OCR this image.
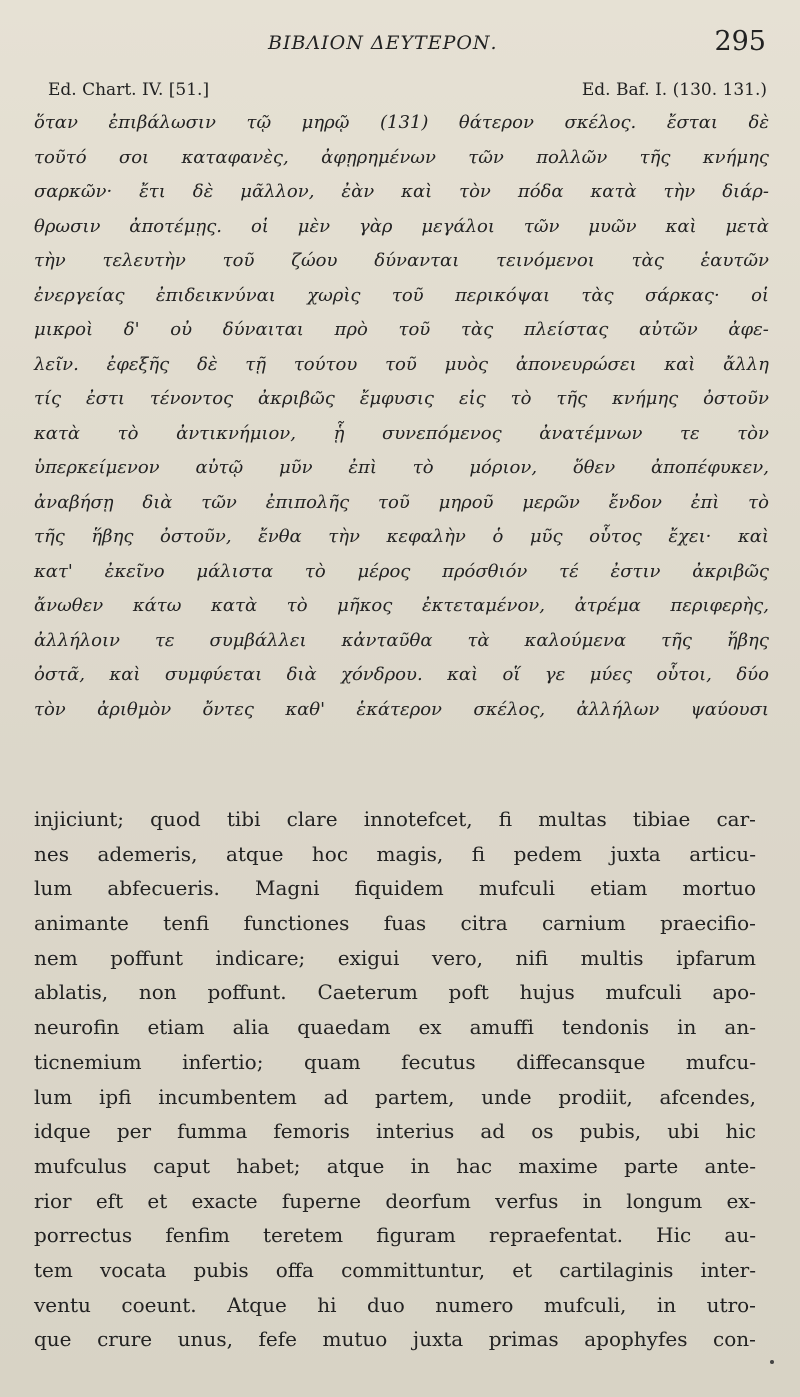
ΒΙΒΛΙΟΝ ΔΕΥΤΕΡΟΝ.	295
Ed. Chart. IV. [51.]	Ed. Baf. I. (130. 131.)
ὅταν ἐπιβάλωσιν τῷ μηρῷ (131) θάτερον σκέλος. ἔσται δὲ
τοῦτό σοι καταφανὲς, ἀφῃρημένων τῶν πολλῶν τῆς κνήμης
σαρκῶν· ἔτι δὲ μᾶλλον, ἐὰν καὶ τὸν πόδα κατὰ τὴν διάρ-
θρωσιν ἀποτέμῃς. οἱ μὲν γὰρ μεγάλοι τῶν μυῶν καὶ μετὰ
τὴν τελευτὴν τοῦ ζώου δύνανται τεινόμενοι τὰς ἑαυτῶν
ἐνεργείας ἐπιδεικνύναι χωρὶς τοῦ περικόψαι τὰς σάρκας· οἱ
μικροὶ δ' οὐ δύναιται πρὸ τοῦ τὰς πλείστας αὐτῶν ἀφε-
λεῖν. ἐφεξῆς δὲ τῇ τούτου τοῦ μυὸς ἀπονευρώσει καὶ ἄλλη
τίς ἐστι τένοντος ἀκριβῶς ἔμφυσις εἰς τὸ τῆς κνήμης ὀστοῦν
κατὰ τὸ ἀντικνήμιον, ᾗ συνεπόμενος ἀνατέμνων τε τὸν
ὑπερκείμενον αὐτῷ μῦν ἐπὶ τὸ μόριον, ὅθεν ἀποπέφυκεν,
ἀναβήσῃ διὰ τῶν ἐπιπολῆς τοῦ μηροῦ μερῶν ἔνδον ἐπὶ τὸ
τῆς ἥβης ὀστοῦν, ἔνθα τὴν κεφαλὴν ὁ μῦς οὗτος ἔχει· καὶ
κατ' ἐκεῖνο μάλιστα τὸ μέρος πρόσθιόν τέ ἐστιν ἀκριβῶς
ἄνωθεν κάτω κατὰ τὸ μῆκος ἐκτεταμένον, ἀτρέμα περιφερὴς,
ἀλλήλοιν τε συμβάλλει κἀνταῦθα τὰ καλούμενα τῆς ἥβης
ὀστᾶ, καὶ συμφύεται διὰ χόνδρου. καὶ οἵ γε μύες οὗτοι, δύο
τὸν ἀριθμὸν ὄντες καθ' ἑκάτερον σκέλος, ἀλλήλων ψαύουσι
injiciunt; quod tibi clare innotefcet, fi multas tibiae car-
nes ademeris, atque hoc magis, fi pedem juxta articu-
lum abfecueris. Magni fiquidem mufculi etiam mortuo
animante tenfi functiones fuas citra carnium praecifio-
nem poffunt indicare; exigui vero, nifi multis ipfarum
ablatis, non poffunt. Caeterum poft hujus mufculi apo-
neurofin etiam alia quaedam ex amuffi tendonis in an-
ticnemium infertio; quam fecutus diffecansque mufcu-
lum ipfi incumbentem ad partem, unde prodiit, afcendes,
idque per fumma femoris interius ad os pubis, ubi hic
mufculus caput habet; atque in hac maxime parte ante-
rior eft et exacte fuperne deorfum verfus in longum ex-
porrectus fenfim teretem figuram repraefentat. Hic au-
tem vocata pubis offa committuntur, et cartilaginis inter-
ventu coeunt. Atque hi duo numero mufculi, in utro-
que crure unus, fefe mutuo juxta primas apophyfes con-
